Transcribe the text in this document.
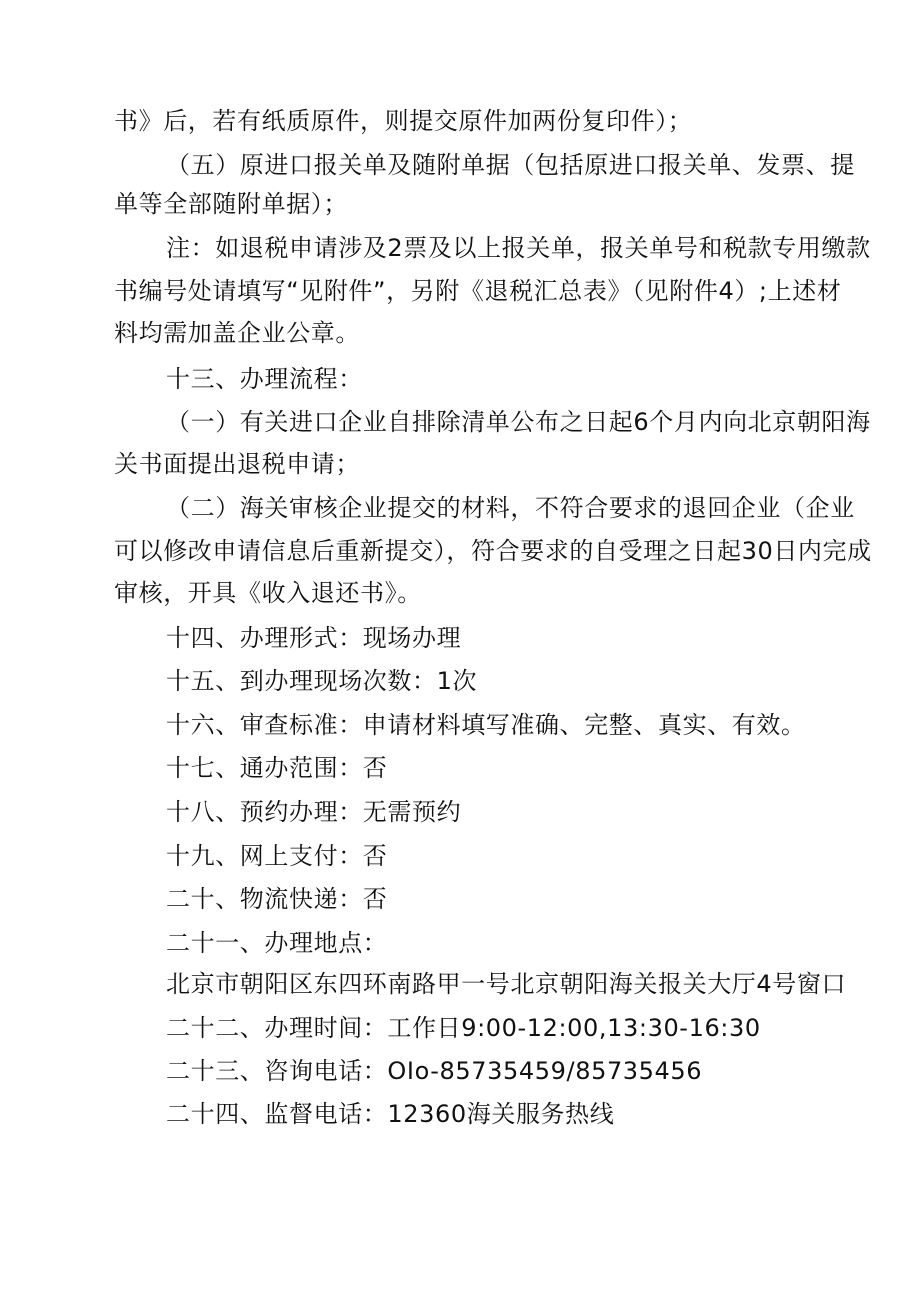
书》后，若有纸质原件，则提交原件加两份复印件）；
（五）原进口报关单及随附单据（包括原进口报关单、发票、提
单等全部随附单据）；
注：如退税申请涉及2票及以上报关单，报关单号和税款专用缴款
书编号处请填写“见附件”，另附《退税汇总表》（见附件4）;上述材
料均需加盖企业公章。
十三、办理流程：
（一）有关进口企业自排除清单公布之日起6个月内向北京朝阳海
关书面提出退税申请；
（二）海关审核企业提交的材料，不符合要求的退回企业（企业
可以修改申请信息后重新提交），符合要求的自受理之日起30日内完成
审核，开具《收入退还书》。
十四、办理形式：现场办理
十五、到办理现场次数：1次
十六、审查标准：申请材料填写准确、完整、真实、有效。
十七、通办范围：否
十八、预约办理：无需预约
十九、网上支付：否
二十、物流快递：否
二十一、办理地点：
北京市朝阳区东四环南路甲一号北京朝阳海关报关大厅4号窗口
二十二、办理时间：工作日9:00-12:00,13:30-16:30
二十三、咨询电话：OIo-85735459/85735456
二十四、监督电话：12360海关服务热线
